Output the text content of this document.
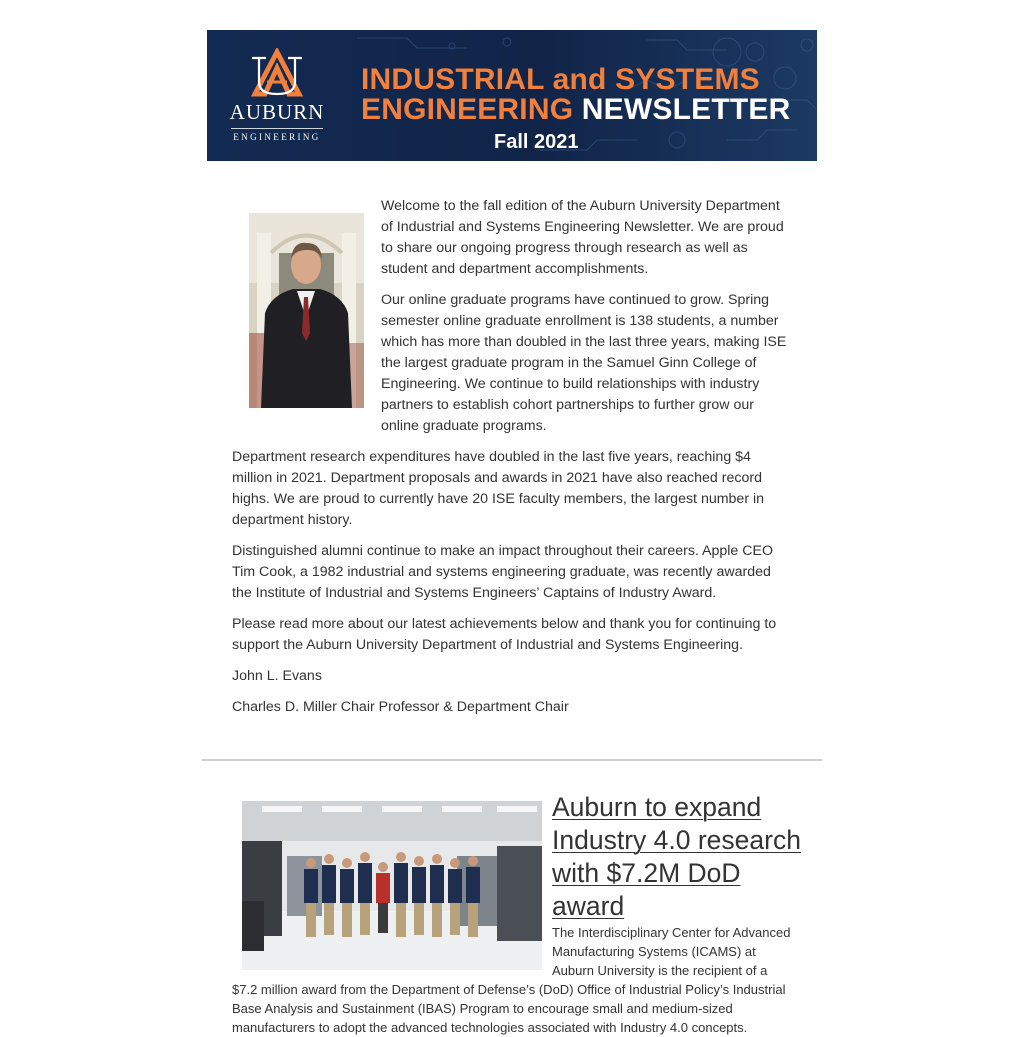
AUBURN
ENGINEERING
INDUSTRIAL and SYSTEMS
ENGINEERING NEWSLETTER
Fall 2021

Welcome to the fall edition of the Auburn University Department of Industrial and Systems Engineering Newsletter. We are proud to share our ongoing progress through research as well as student and department accomplishments.

Our online graduate programs have continued to grow. Spring semester online graduate enrollment is 138 students, a number which has more than doubled in the last three years, making ISE the largest graduate program in the Samuel Ginn College of Engineering. We continue to build relationships with industry partners to establish cohort partnerships to further grow our online graduate programs.

Department research expenditures have doubled in the last five years, reaching $4 million in 2021. Department proposals and awards in 2021 have also reached record highs. We are proud to currently have 20 ISE faculty members, the largest number in department history.

Distinguished alumni continue to make an impact throughout their careers. Apple CEO Tim Cook, a 1982 industrial and systems engineering graduate, was recently awarded the Institute of Industrial and Systems Engineers’ Captains of Industry Award.

Please read more about our latest achievements below and thank you for continuing to support the Auburn University Department of Industrial and Systems Engineering.

John L. Evans

Charles D. Miller Chair Professor & Department Chair

Auburn to expand Industry 4.0 research with $7.2M DoD award

The Interdisciplinary Center for Advanced

Manufacturing Systems (ICAMS) at

Auburn University is the recipient of a

$7.2 million award from the Department of Defense’s (DoD) Office of Industrial Policy’s Industrial

Base Analysis and Sustainment (IBAS) Program to encourage small and medium-sized

manufacturers to adopt the advanced technologies associated with Industry 4.0 concepts.
